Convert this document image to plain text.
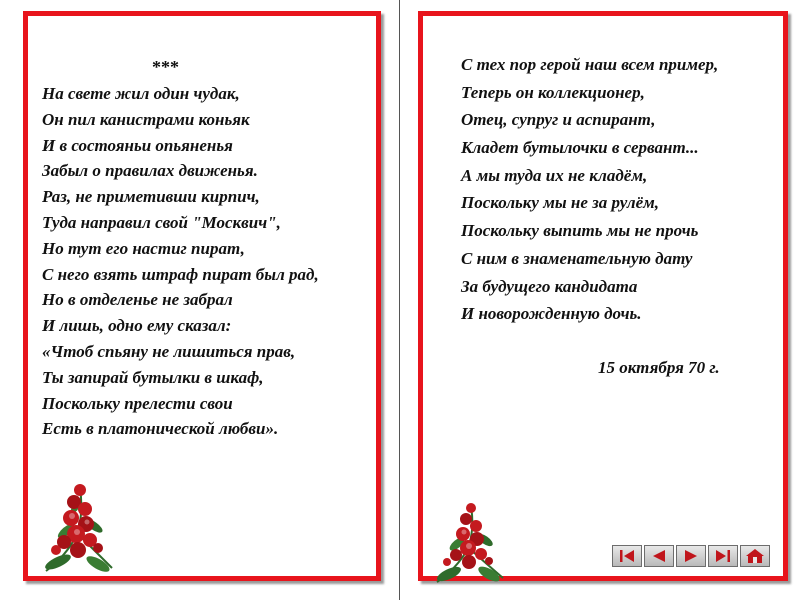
***
На свете жил один чудак,
Он пил канистрами коньяк
И в состояньи опьяненья
Забыл о правилах движенья.
Раз, не приметивши кирпич,
Туда направил свой "Москвич",
Но тут его настиг пират,
С него взять штраф пират был рад,
Но в отделенье не забрал
И лишь, одно ему сказал:
«Чтоб спьяну не лишиться прав,
Ты запирай бутылки в шкаф,
Поскольку прелести свои
Есть в платонической любви».
С тех пор герой наш всем пример,
Теперь он коллекционер,
Отец, супруг и аспирант,
Кладет бутылочки в сервант...
А мы туда их не кладём,
Поскольку мы не за рулём,
Поскольку выпить мы не прочь
С ним в знаменательную дату
За будущего кандидата
И новорожденную дочь.
15 октября 70 г.
